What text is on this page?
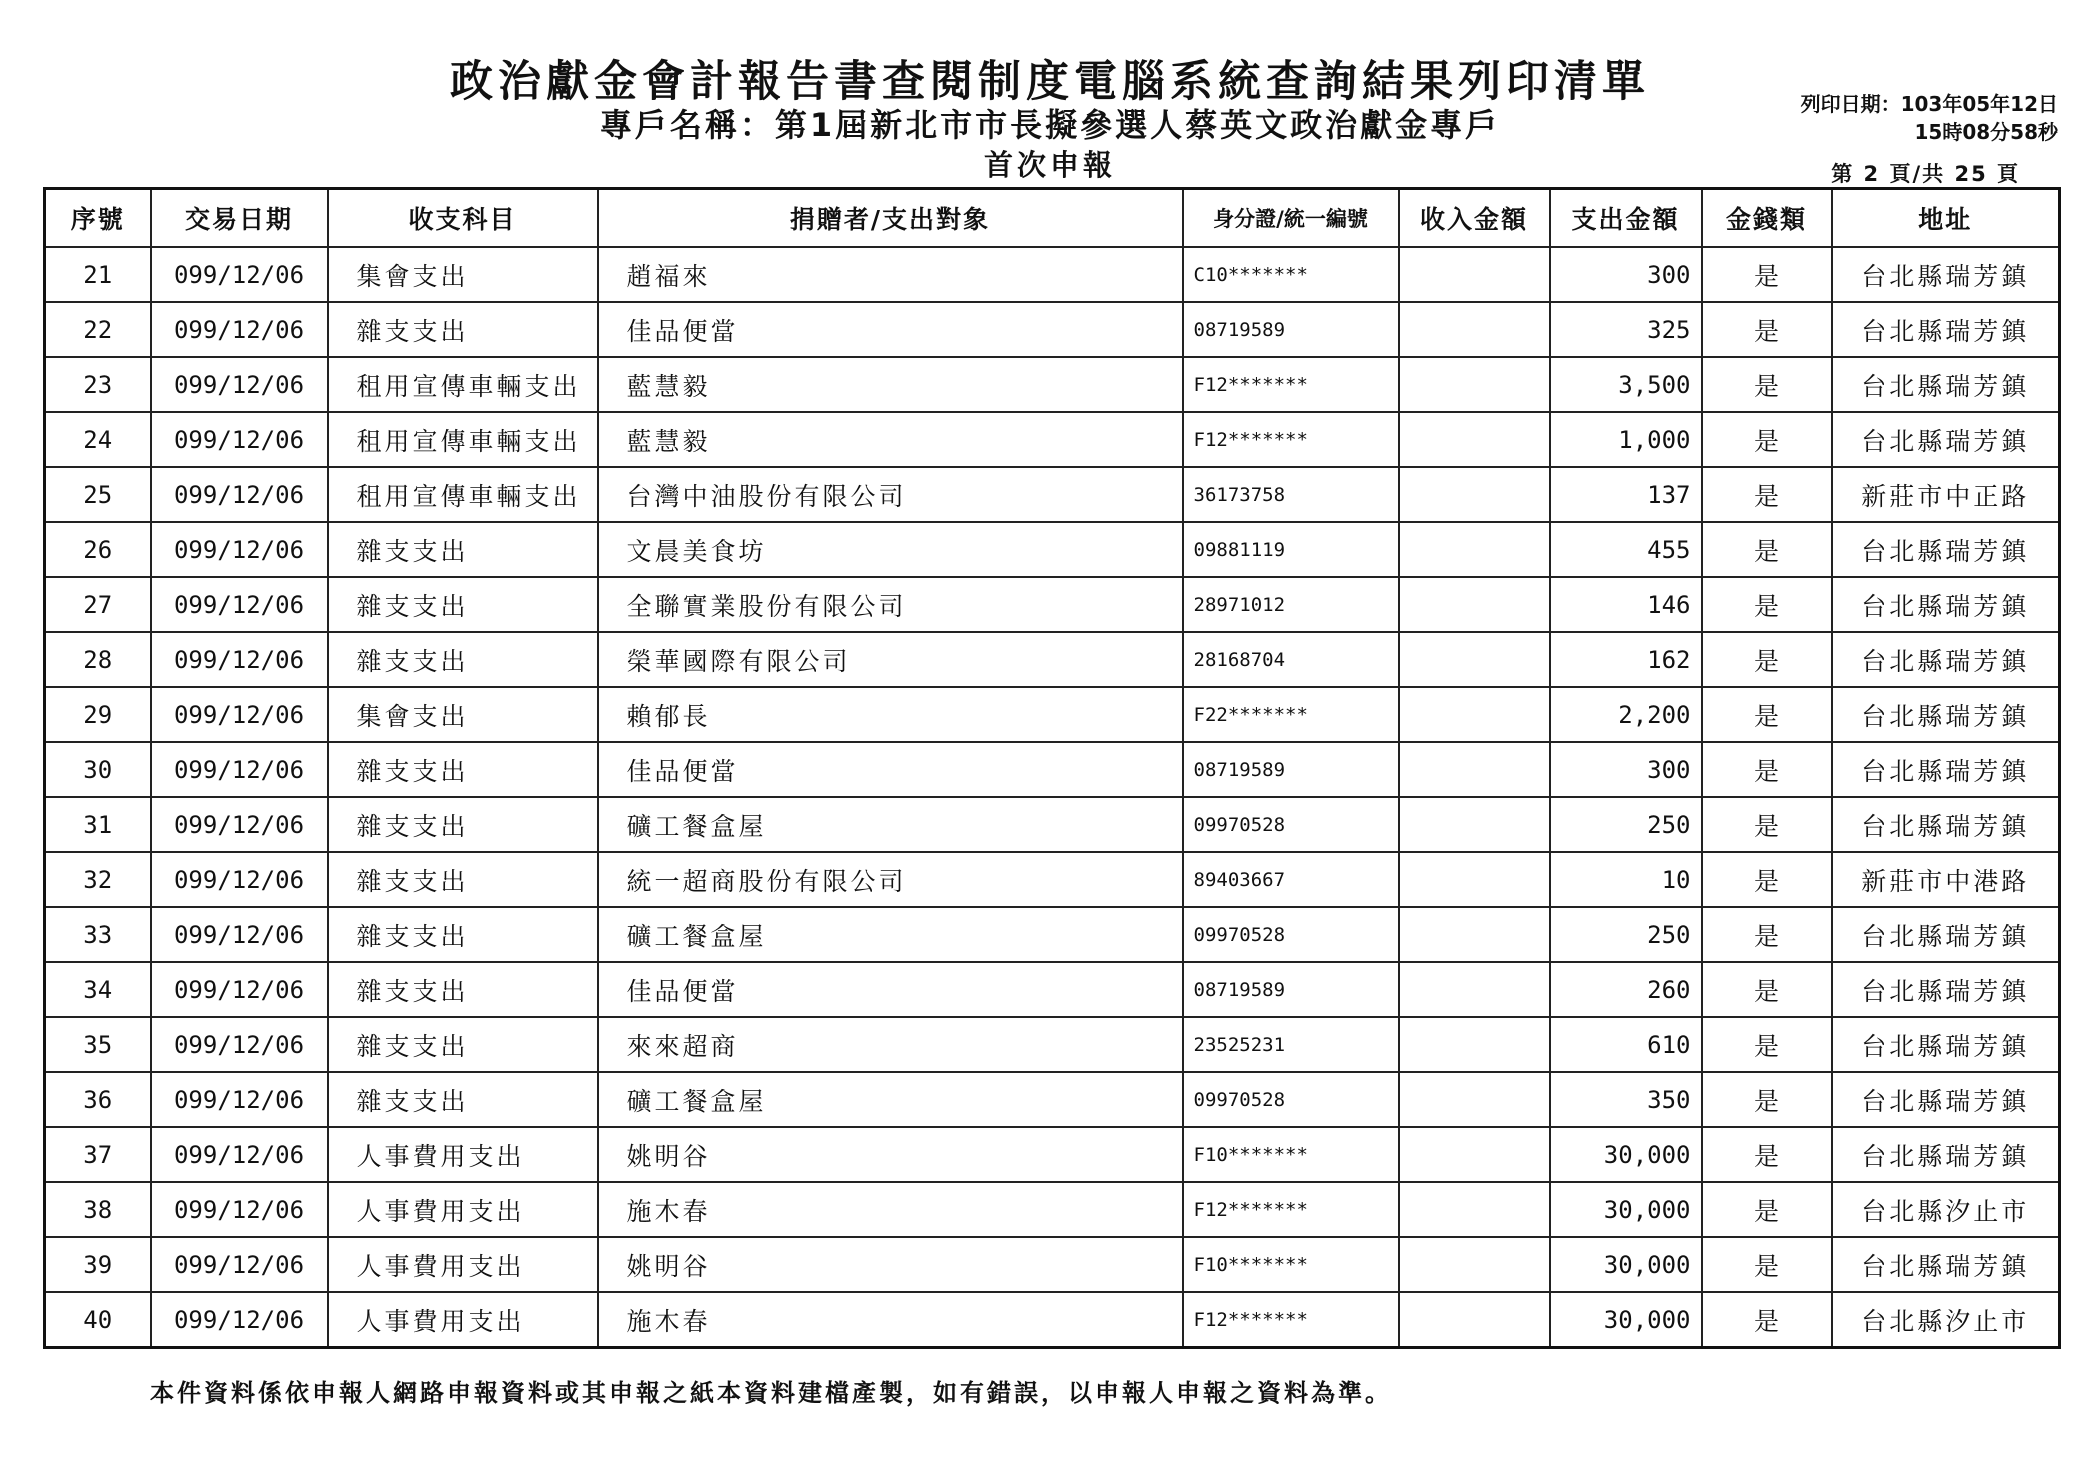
政治獻金會計報告書查閱制度電腦系統查詢結果列印清單
專戶名稱：第1屆新北市市長擬參選人蔡英文政治獻金專戶
首次申報
列印日期：103年05年12日
15時08分58秒
第 2 頁/共 25 頁
序號	交易日期	收支科目	捐贈者/支出對象	身分證/統一編號	收入金額	支出金額	金錢類	地址
21	099/12/06	集會支出	趙福來	C10*******		300	是	台北縣瑞芳鎮
22	099/12/06	雜支支出	佳品便當	08719589		325	是	台北縣瑞芳鎮
23	099/12/06	租用宣傳車輛支出	藍慧毅	F12*******		3,500	是	台北縣瑞芳鎮
24	099/12/06	租用宣傳車輛支出	藍慧毅	F12*******		1,000	是	台北縣瑞芳鎮
25	099/12/06	租用宣傳車輛支出	台灣中油股份有限公司	36173758		137	是	新莊市中正路
26	099/12/06	雜支支出	文晨美食坊	09881119		455	是	台北縣瑞芳鎮
27	099/12/06	雜支支出	全聯實業股份有限公司	28971012		146	是	台北縣瑞芳鎮
28	099/12/06	雜支支出	榮華國際有限公司	28168704		162	是	台北縣瑞芳鎮
29	099/12/06	集會支出	賴郁長	F22*******		2,200	是	台北縣瑞芳鎮
30	099/12/06	雜支支出	佳品便當	08719589		300	是	台北縣瑞芳鎮
31	099/12/06	雜支支出	礦工餐盒屋	09970528		250	是	台北縣瑞芳鎮
32	099/12/06	雜支支出	統一超商股份有限公司	89403667		10	是	新莊市中港路
33	099/12/06	雜支支出	礦工餐盒屋	09970528		250	是	台北縣瑞芳鎮
34	099/12/06	雜支支出	佳品便當	08719589		260	是	台北縣瑞芳鎮
35	099/12/06	雜支支出	來來超商	23525231		610	是	台北縣瑞芳鎮
36	099/12/06	雜支支出	礦工餐盒屋	09970528		350	是	台北縣瑞芳鎮
37	099/12/06	人事費用支出	姚明谷	F10*******		30,000	是	台北縣瑞芳鎮
38	099/12/06	人事費用支出	施木春	F12*******		30,000	是	台北縣汐止市
39	099/12/06	人事費用支出	姚明谷	F10*******		30,000	是	台北縣瑞芳鎮
40	099/12/06	人事費用支出	施木春	F12*******		30,000	是	台北縣汐止市
本件資料係依申報人網路申報資料或其申報之紙本資料建檔產製，如有錯誤，以申報人申報之資料為準。
